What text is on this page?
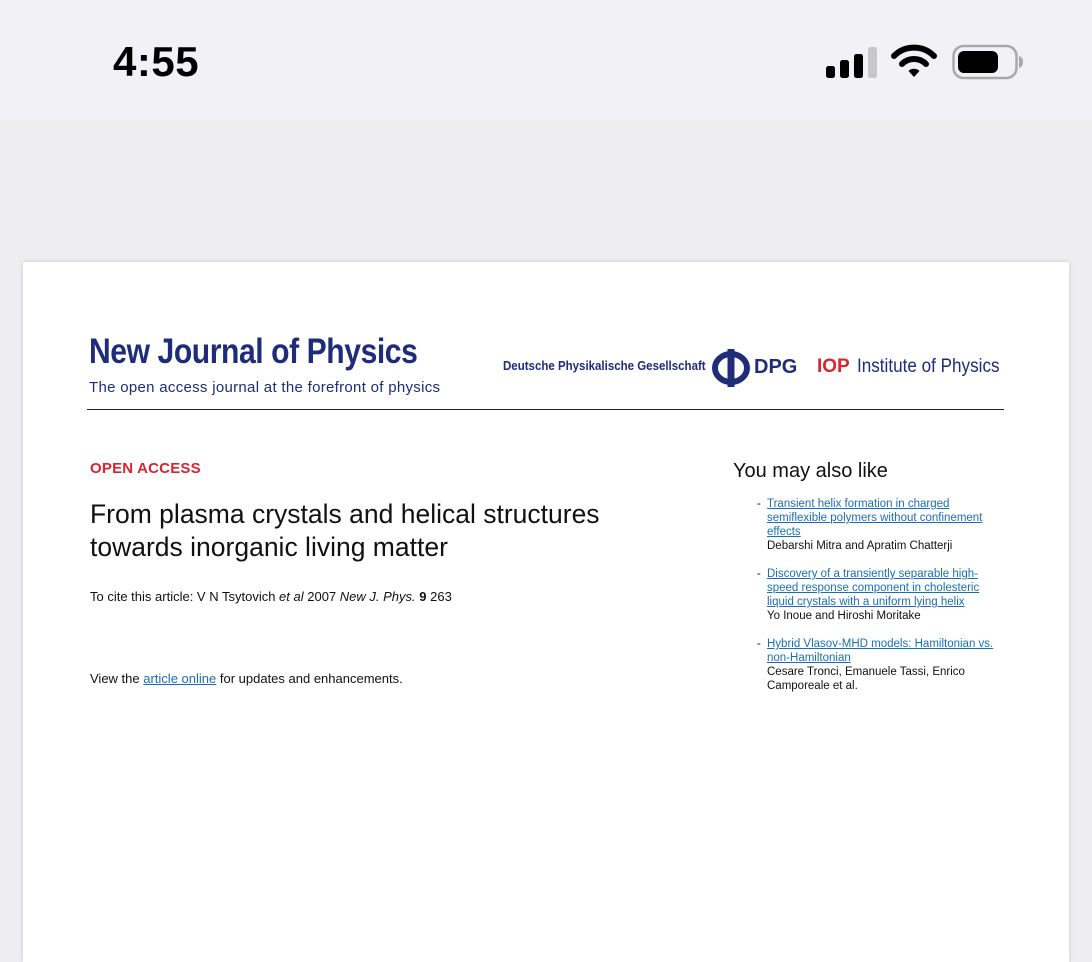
4:55
New Journal of Physics
The open access journal at the forefront of physics
Deutsche Physikalische Gesellschaft DPG IOP Institute of Physics
OPEN ACCESS
From plasma crystals and helical structures towards inorganic living matter
To cite this article: V N Tsytovich et al 2007 New J. Phys. 9 263
View the article online for updates and enhancements.
You may also like
- Transient helix formation in charged semiflexible polymers without confinement effects
Debarshi Mitra and Apratim Chatterji
- Discovery of a transiently separable high-speed response component in cholesteric liquid crystals with a uniform lying helix
Yo Inoue and Hiroshi Moritake
- Hybrid Vlasov-MHD models: Hamiltonian vs. non-Hamiltonian
Cesare Tronci, Emanuele Tassi, Enrico Camporeale et al.
